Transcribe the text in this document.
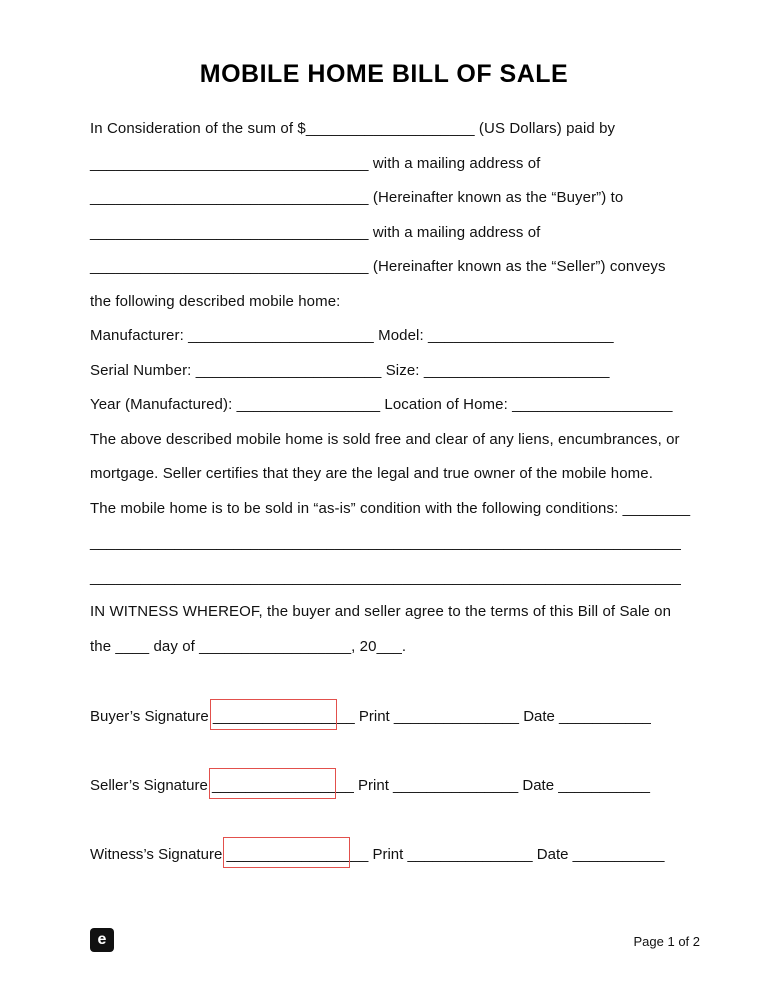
MOBILE HOME BILL OF SALE
In Consideration of the sum of $____________________ (US Dollars) paid by
_________________________________ with a mailing address of
_________________________________ (Hereinafter known as the “Buyer”) to
_________________________________ with a mailing address of
_________________________________ (Hereinafter known as the “Seller”) conveys
the following described mobile home:
Manufacturer: ______________________ Model: ______________________
Serial Number: ______________________ Size: ______________________
Year (Manufactured): _________________ Location of Home: ___________________
The above described mobile home is sold free and clear of any liens, encumbrances, or
mortgage. Seller certifies that they are the legal and true owner of the mobile home.
The mobile home is to be sold in “as-is” condition with the following conditions: ________
______________________________________________________________________
______________________________________________________________________
IN WITNESS WHEREOF, the buyer and seller agree to the terms of this Bill of Sale on
the ____ day of __________________, 20___.
Buyer’s Signature _________________ Print _______________ Date ___________
Seller’s Signature _________________ Print _______________ Date ___________
Witness’s Signature _________________ Print _______________ Date ___________
e	Page 1 of 2
